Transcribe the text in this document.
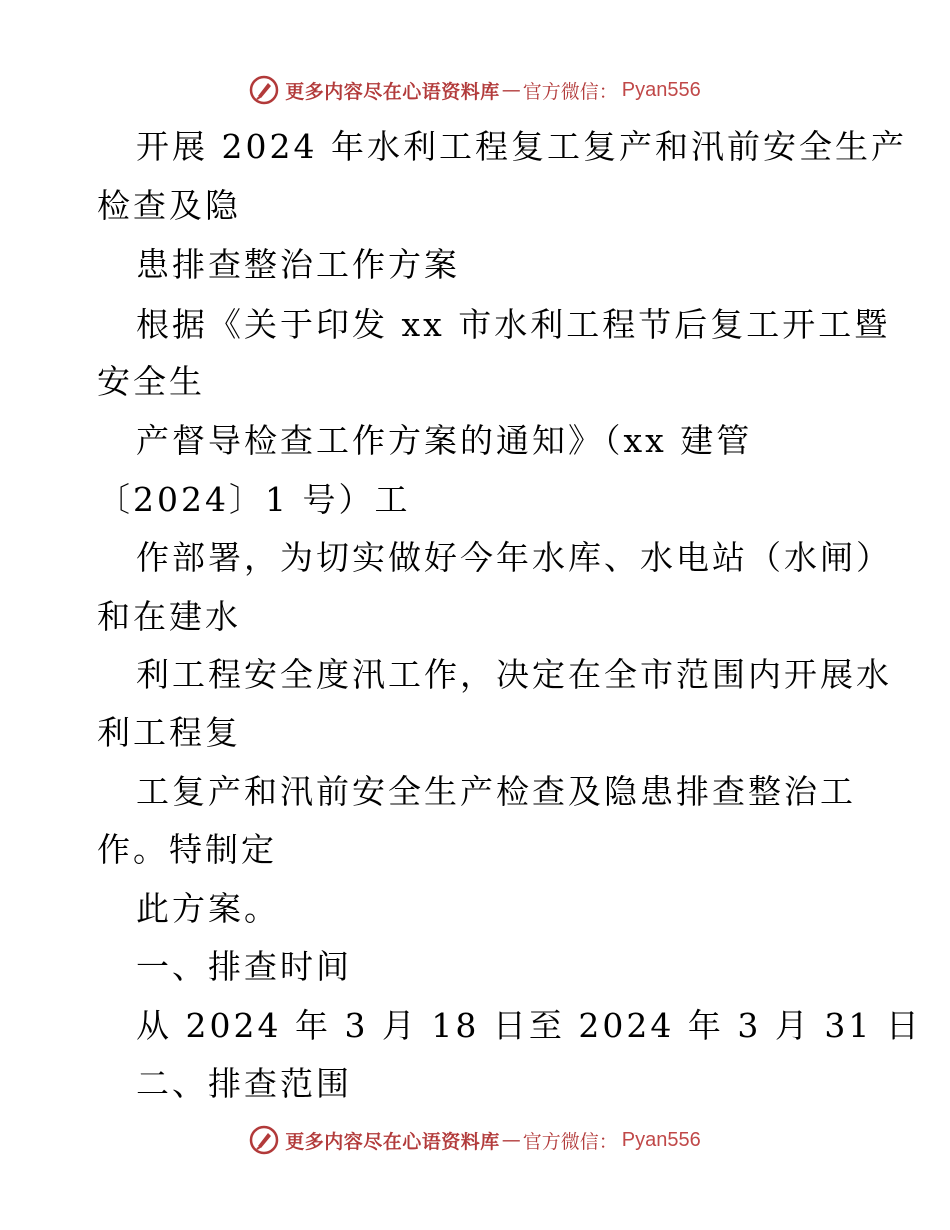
更多内容尽在心语资料库 — 官方微信： Pyan556
开展 2024 年水利工程复工复产和汛前安全生产
检查及隐
患排查整治工作方案
根据《关于印发 xx 市水利工程节后复工开工暨
安全生
产督导检查工作方案的通知》（xx 建管
〔2024〕1 号）工
作部署，为切实做好今年水库、水电站（水闸）
和在建水
利工程安全度汛工作，决定在全市范围内开展水
利工程复
工复产和汛前安全生产检查及隐患排查整治工
作。特制定
此方案。
一、排查时间
从 2024 年 3 月 18 日至 2024 年 3 月 31 日
二、排查范围
更多内容尽在心语资料库 — 官方微信： Pyan556
